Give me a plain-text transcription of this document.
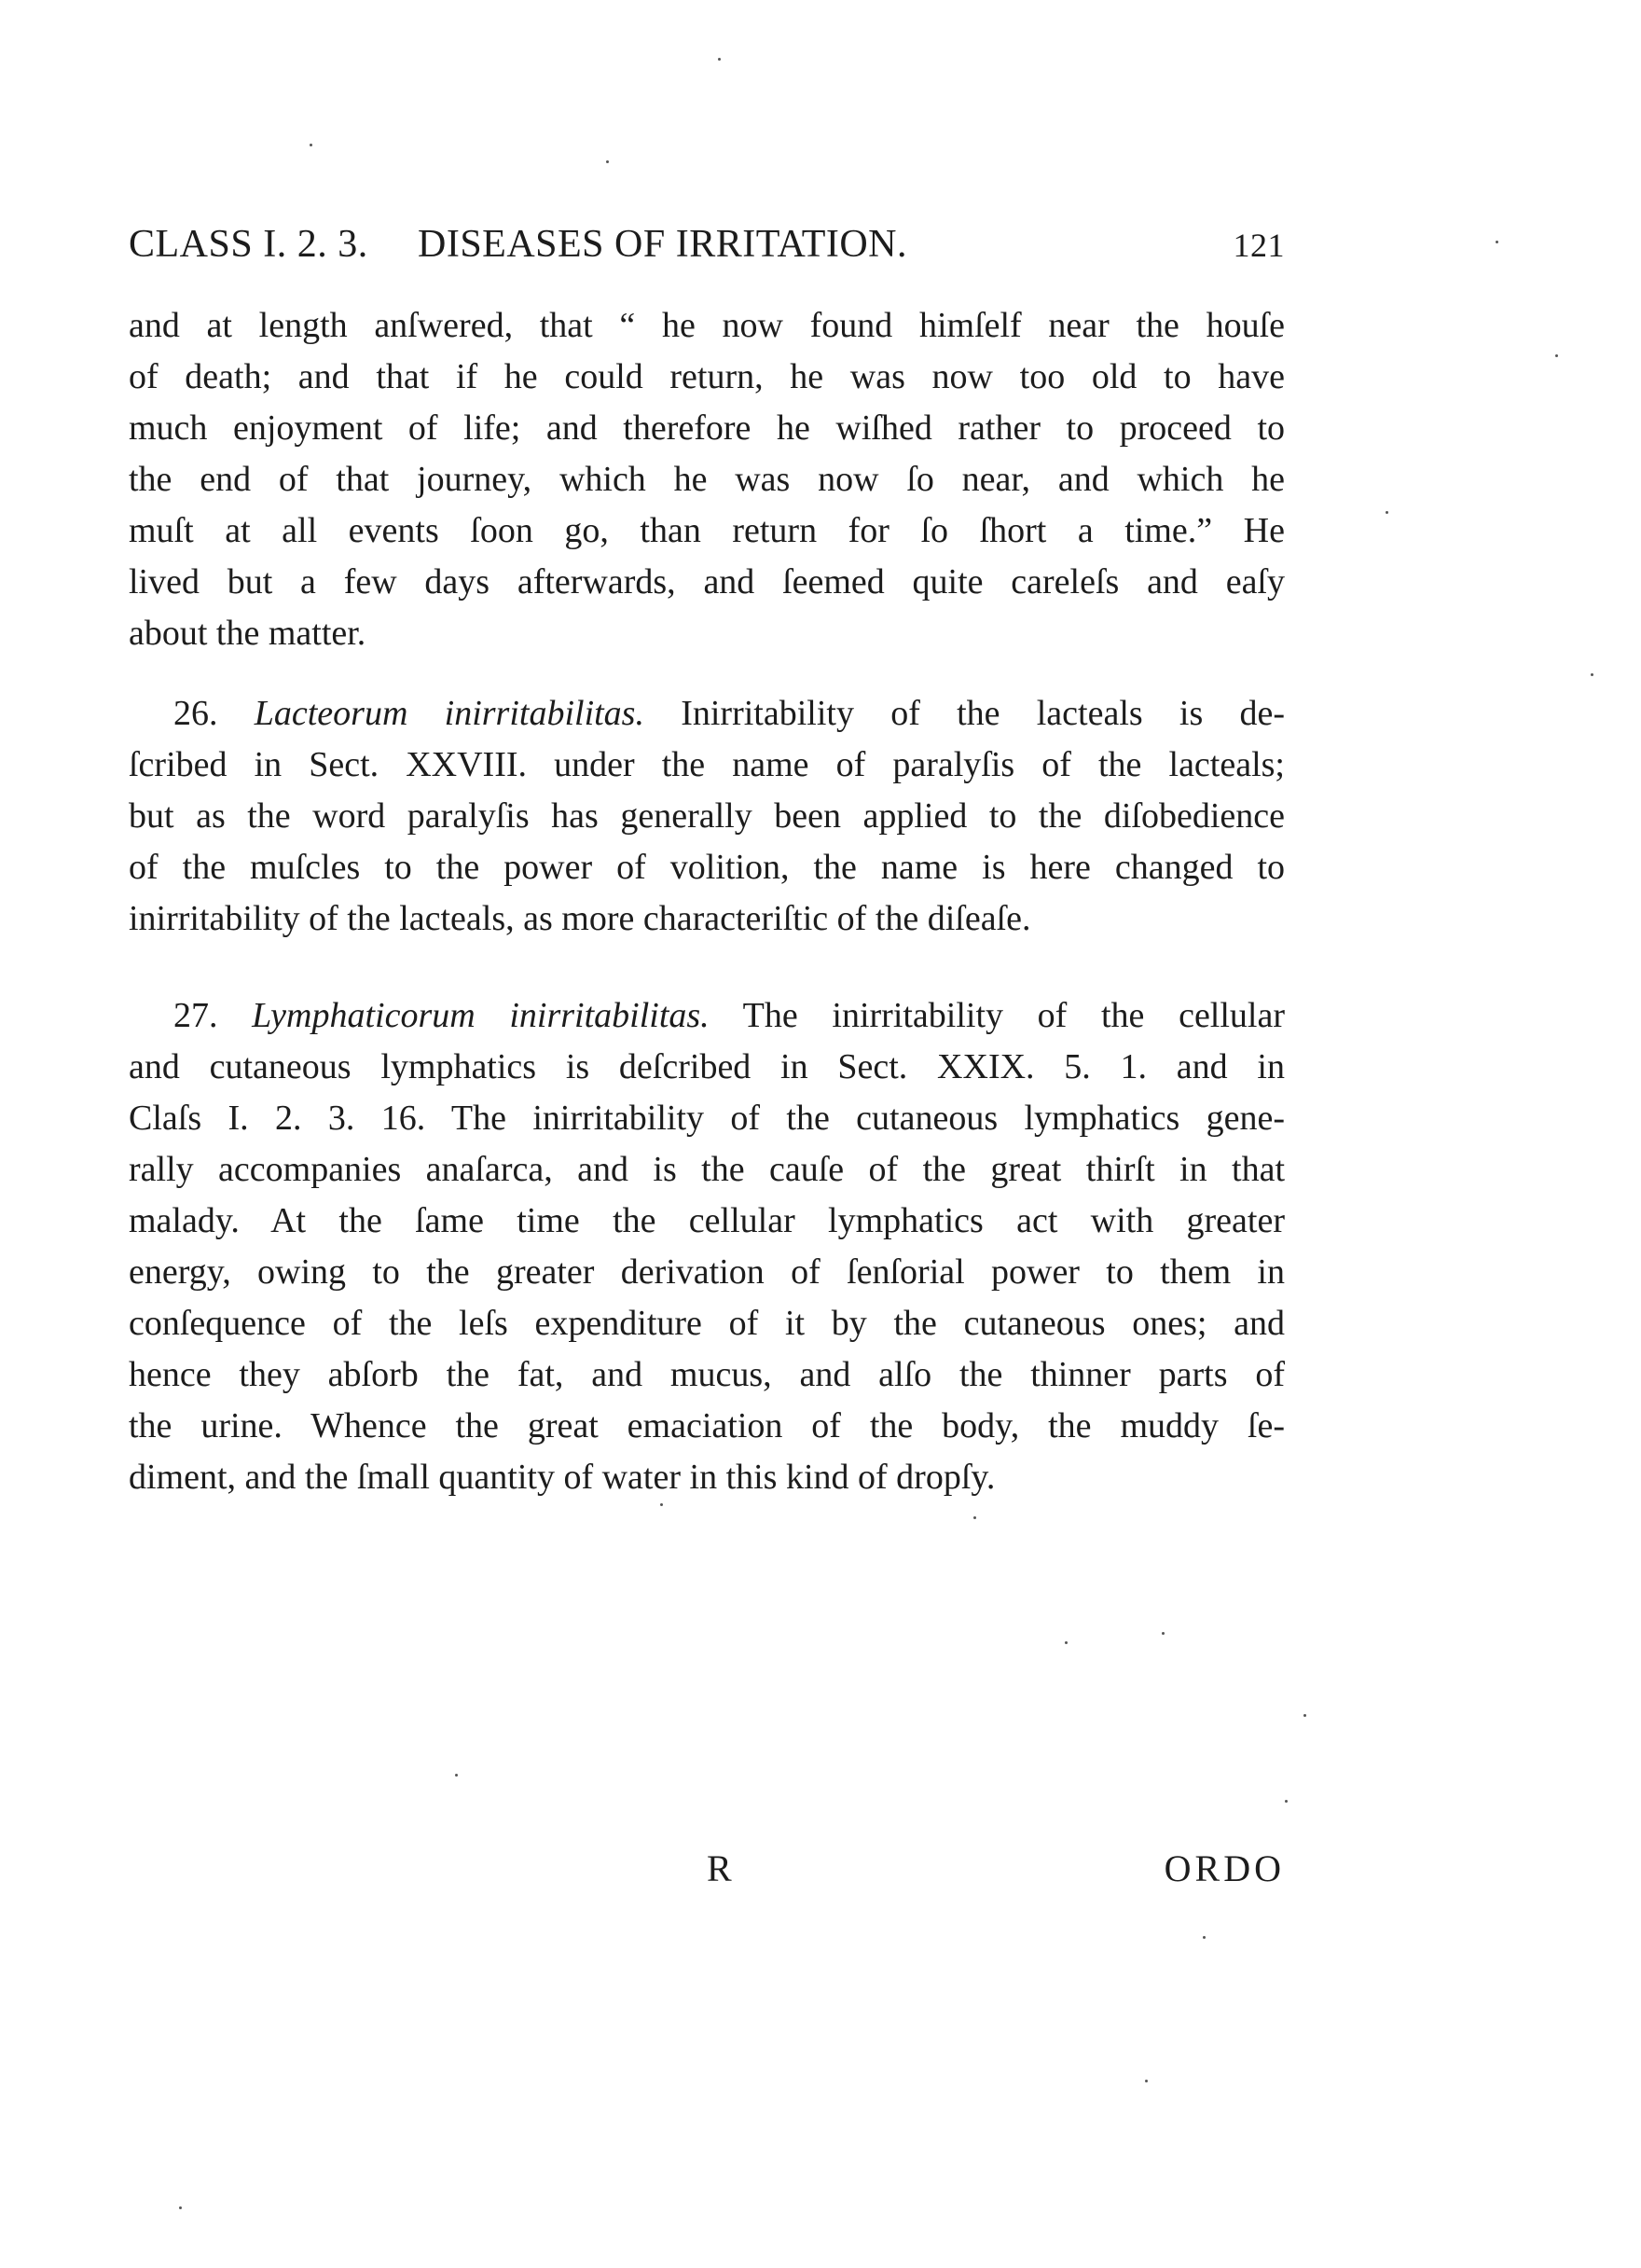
CLASS I. 2. 3.	DISEASES OF IRRITATION.	121
and at length anſwered, that “ he now found himſelf near the houſe
of death; and that if he could return, he was now too old to have
much enjoyment of life; and therefore he wiſhed rather to proceed to
the end of that journey, which he was now ſo near, and which he
muſt at all events ſoon go, than return for ſo ſhort a time.” He
lived but a few days afterwards, and ſeemed quite careleſs and eaſy
about the matter.
26. Lacteorum inirritabilitas. Inirritability of the lacteals is de-
ſcribed in Sect. XXVIII. under the name of paralyſis of the lacteals;
but as the word paralyſis has generally been applied to the diſobedience
of the muſcles to the power of volition, the name is here changed to
inirritability of the lacteals, as more characteriſtic of the diſeaſe.
27. Lymphaticorum inirritabilitas. The inirritability of the cellular
and cutaneous lymphatics is deſcribed in Sect. XXIX. 5. 1. and in
Claſs I. 2. 3. 16. The inirritability of the cutaneous lymphatics gene-
rally accompanies anaſarca, and is the cauſe of the great thirſt in that
malady. At the ſame time the cellular lymphatics act with greater
energy, owing to the greater derivation of ſenſorial power to them in
conſequence of the leſs expenditure of it by the cutaneous ones; and
hence they abſorb the fat, and mucus, and alſo the thinner parts of
the urine. Whence the great emaciation of the body, the muddy ſe-
diment, and the ſmall quantity of water in this kind of dropſy.
R	ORDO
